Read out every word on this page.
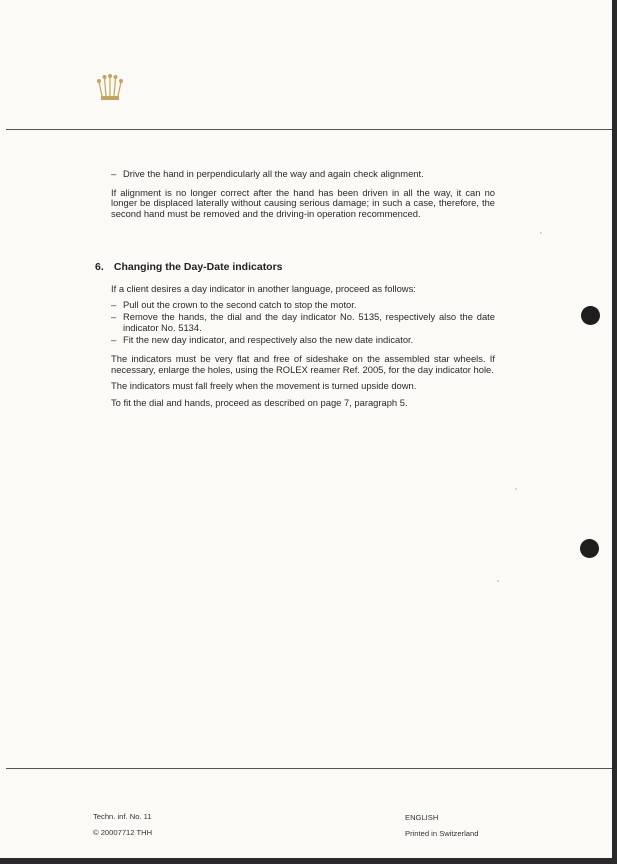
– Drive the hand in perpendicularly all the way and again check alignment.

If alignment is no longer correct after the hand has been driven in all the way, it can no longer be displaced laterally without causing serious damage; in such a case, therefore, the second hand must be removed and the driving-in operation recommenced.

6. Changing the Day-Date indicators

If a client desires a day indicator in another language, proceed as follows:

– Pull out the crown to the second catch to stop the motor.
– Remove the hands, the dial and the day indicator No. 5135, respectively also the date indicator No. 5134.
– Fit the new day indicator, and respectively also the new date indicator.

The indicators must be very flat and free of sideshake on the assembled star wheels. If necessary, enlarge the holes, using the ROLEX reamer Ref. 2005, for the day indicator hole.

The indicators must fall freely when the movement is turned upside down.

To fit the dial and hands, proceed as described on page 7, paragraph 5.

Techn. inf. No. 11
© 20007712 THH
ENGLISH
Printed in Switzerland
